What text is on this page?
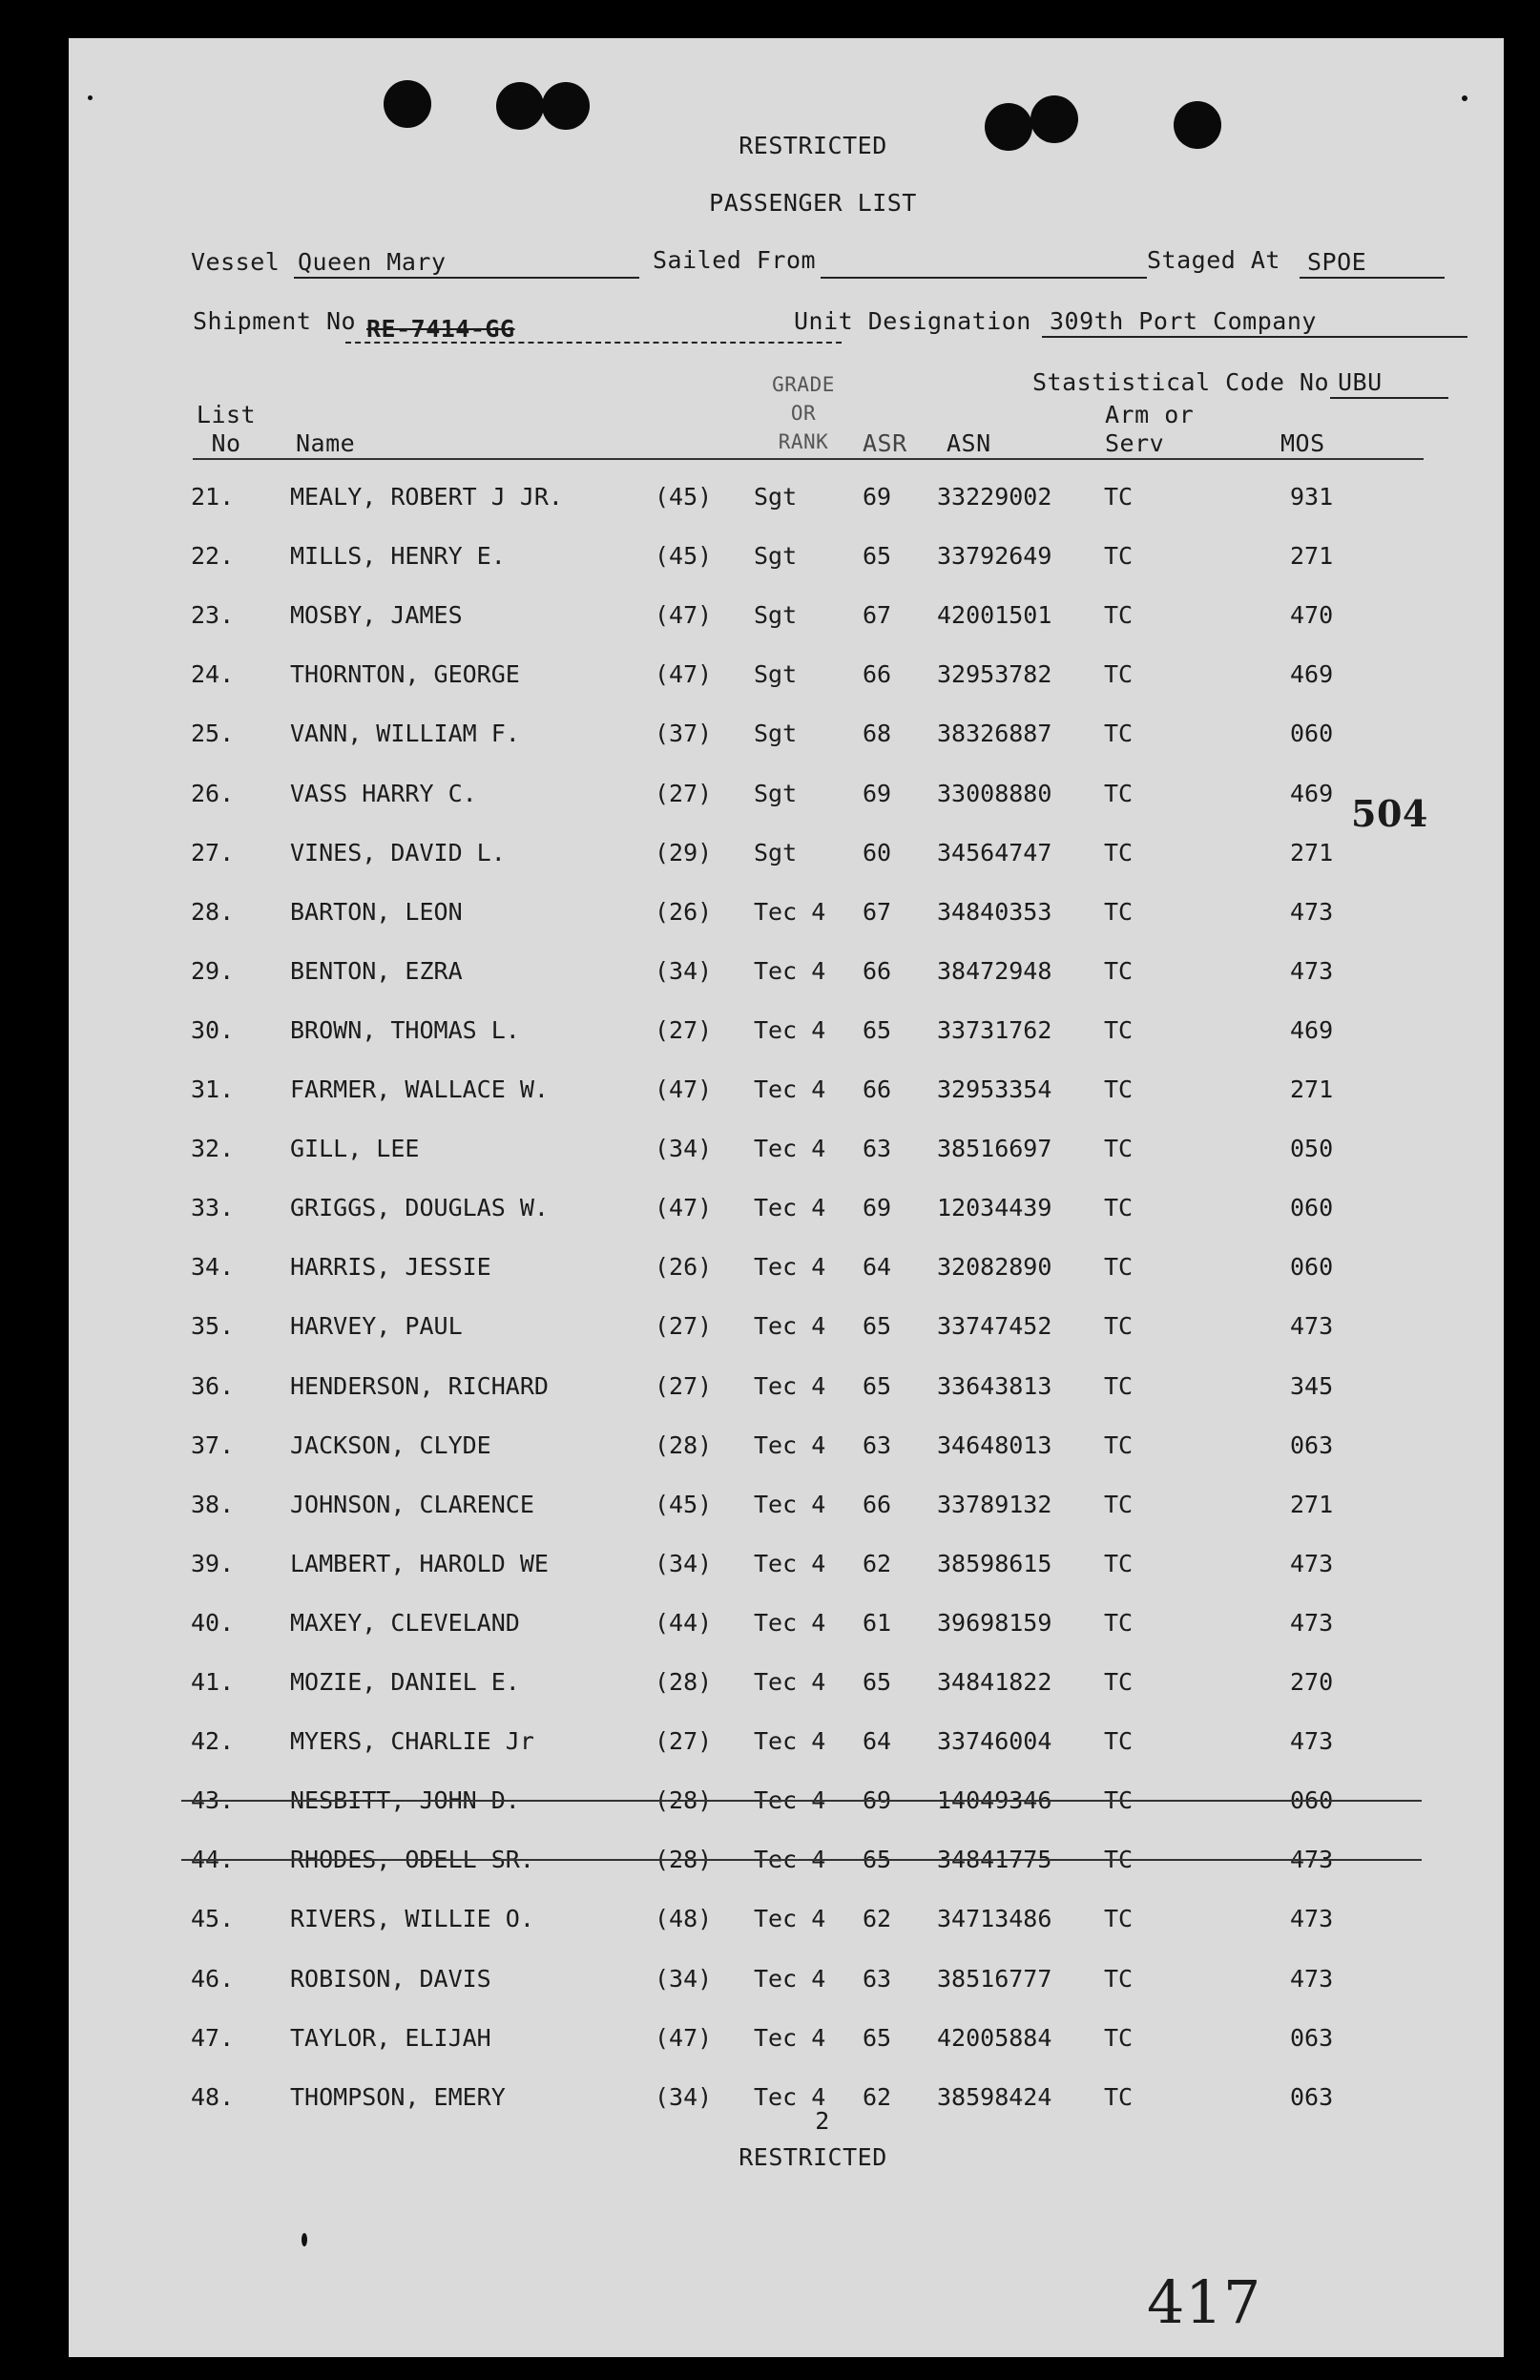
RESTRICTED
PASSENGER LIST
Vessel Queen Mary	Sailed From	Staged At SPOE
Shipment No RE-7414-GG	Unit Designation 309th Port Company
Stastistical Code No UBU
List
No	Name
GRADE
OR
RANK	ASR ASN
Arm or
Serv	MOS
21. MEALY, ROBERT J JR.	(45) Sgt	69 33229002 TC	931
22. MILLS, HENRY E.	(45) Sgt	65 33792649 TC	271
23. MOSBY, JAMES	(47) Sgt	67 42001501 TC	470
24. THORNTON, GEORGE	(47) Sgt	66 32953782 TC	469
25. VANN, WILLIAM F.	(37) Sgt	68 38326887 TC	060
26. VASS HARRY C.	(27) Sgt	69 33008880 TC	469
27. VINES, DAVID L.	(29) Sgt	60 34564747 TC	271
28. BARTON, LEON	(26) Tec 4 67 34840353 TC	473
29. BENTON, EZRA	(34) Tec 4 66 38472948 TC	473
30. BROWN, THOMAS L.	(27) Tec 4 65 33731762 TC	469
31. FARMER, WALLACE W.	(47) Tec 4 66 32953354 TC	271
32. GILL, LEE	(34) Tec 4 63 38516697 TC	050
33. GRIGGS, DOUGLAS W.	(47) Tec 4 69 12034439 TC	060
34. HARRIS, JESSIE	(26) Tec 4 64 32082890 TC	060
35. HARVEY, PAUL	(27) Tec 4 65 33747452 TC	473
36. HENDERSON, RICHARD	(27) Tec 4 65 33643813 TC	345
37. JACKSON, CLYDE	(28) Tec 4 63 34648013 TC	063
38. JOHNSON, CLARENCE	(45) Tec 4 66 33789132 TC	271
39. LAMBERT, HAROLD WE	(34) Tec 4 62 38598615 TC	473
40. MAXEY, CLEVELAND	(44) Tec 4 61 39698159 TC	473
41. MOZIE, DANIEL E.	(28) Tec 4 65 34841822 TC	270
42. MYERS, CHARLIE Jr	(27) Tec 4 64 33746004 TC	473
43. NESBITT, JOHN D.	(28) Tec 4 69 14049346 TC	060
44. RHODES, ODELL SR.	(28) Tec 4 65 34841775 TC	473
45. RIVERS, WILLIE O.	(48) Tec 4 62 34713486 TC	473
46. ROBISON, DAVIS	(34) Tec 4 63 38516777 TC	473
47. TAYLOR, ELIJAH	(47) Tec 4 65 42005884 TC	063
48. THOMPSON, EMERY	(34) Tec 4 62 38598424 TC	063
504
2
RESTRICTED
417
